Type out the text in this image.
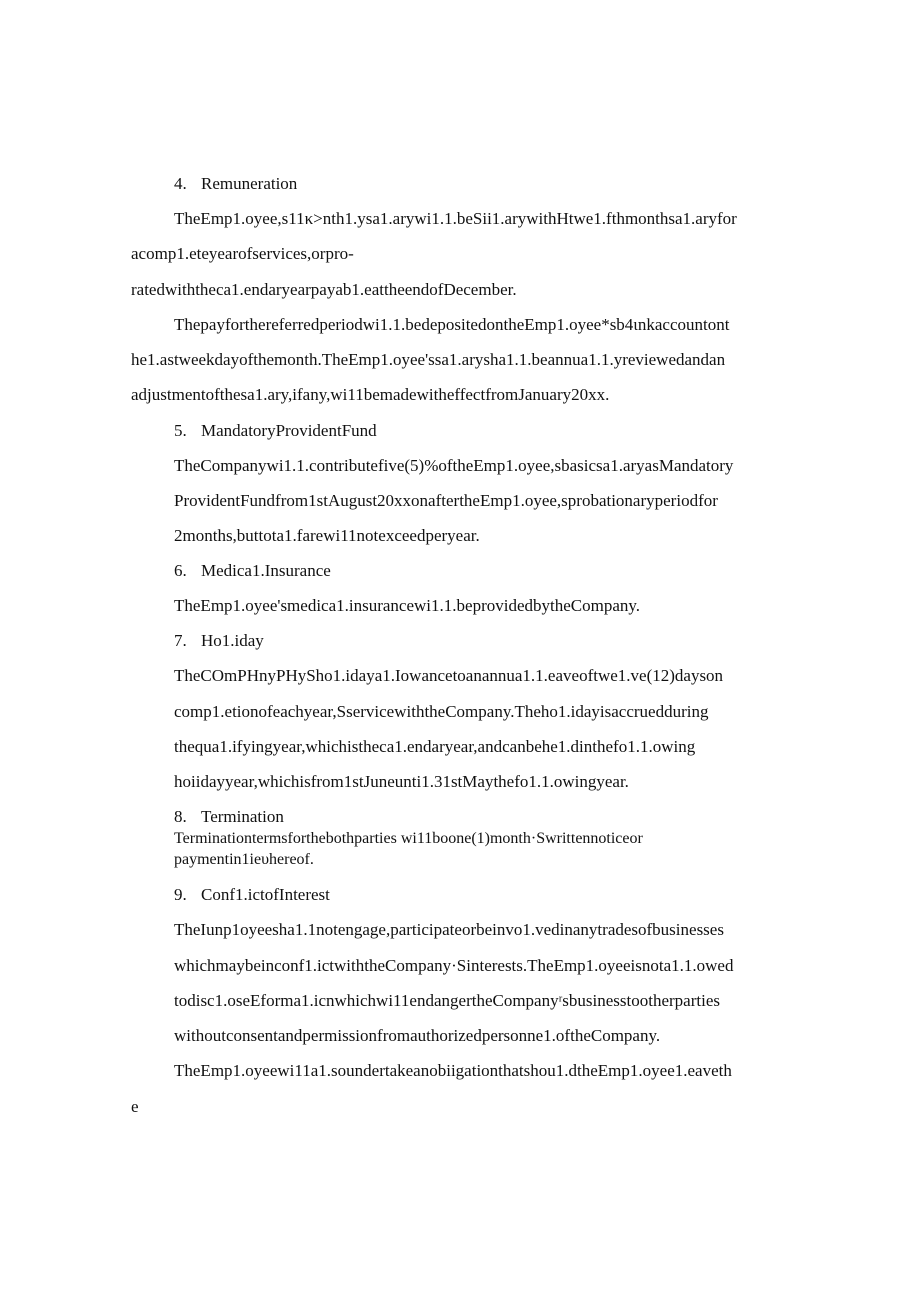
4. Remuneration

TheEmp1.oyee,s11κ>nth1.ysa1.arywi1.1.beSii1.arywithHtwe1.fthmonthsa1.aryfor

acomp1.eteyearofservices,orpro-

ratedwiththeca1.endaryearpayab1.eattheendofDecember.

Thepayforthereferredperiodwi1.1.bedepositedontheEmp1.oyee*sb4ιnkaccountont

he1.astweekdayofthemonth.TheEmp1.oyee'ssa1.arysha1.1.beannua1.1.yreviewedandan

adjustmentofthesa1.ary,ifany,wi11bemadewitheffectfromJanuary20xx.

5. MandatoryProvidentFund

TheCompanywi1.1.contributefive(5)%oftheEmp1.oyee,sbasicsa1.aryasMandatory

ProvidentFundfrom1stAugust20xxonaftertheEmp1.oyee,sprobationaryperiodfor

2months,buttota1.farewi11notexceedperyear.

6. Medica1.Insurance

TheEmp1.oyee'smedica1.insurancewi1.1.beprovidedbytheCompany.

7. Ho1.iday

TheCOmPHnyPHySho1.idaya1.Iowancetoanannua1.1.eaveoftwe1.ve(12)dayson

comp1.etionofeachyear,SservicewiththeCompany.Theho1.idayisaccruedduring

thequa1.ifyingyear,whichistheca1.endaryear,andcanbehe1.dinthefo1.1.owing

hoiidayyear,whichisfrom1stJuneunti1.31stMaythefo1.1.owingyear.

8. Termination

Terminationtermsforthebothparties wi11boone(1)month·Swrittennoticeor

paymentin1ieυhereof.

9. Conf1.ictofInterest

TheIunp1oyeesha1.1notengage,participateorbeinvo1.vedinanytradesofbusinesses

whichmaybeinconf1.ictwiththeCompany·Sinterests.TheEmp1.oyeeisnota1.1.owed

todisc1.oseEforma1.icnwhichwi11endangertheCompanyʳsbusinesstootherparties

withoutconsentandpermissionfromauthorizedpersonne1.oftheCompany.

TheEmp1.oyeewi11a1.soundertakeanobiigationthatshou1.dtheEmp1.oyee1.eaveth

e
